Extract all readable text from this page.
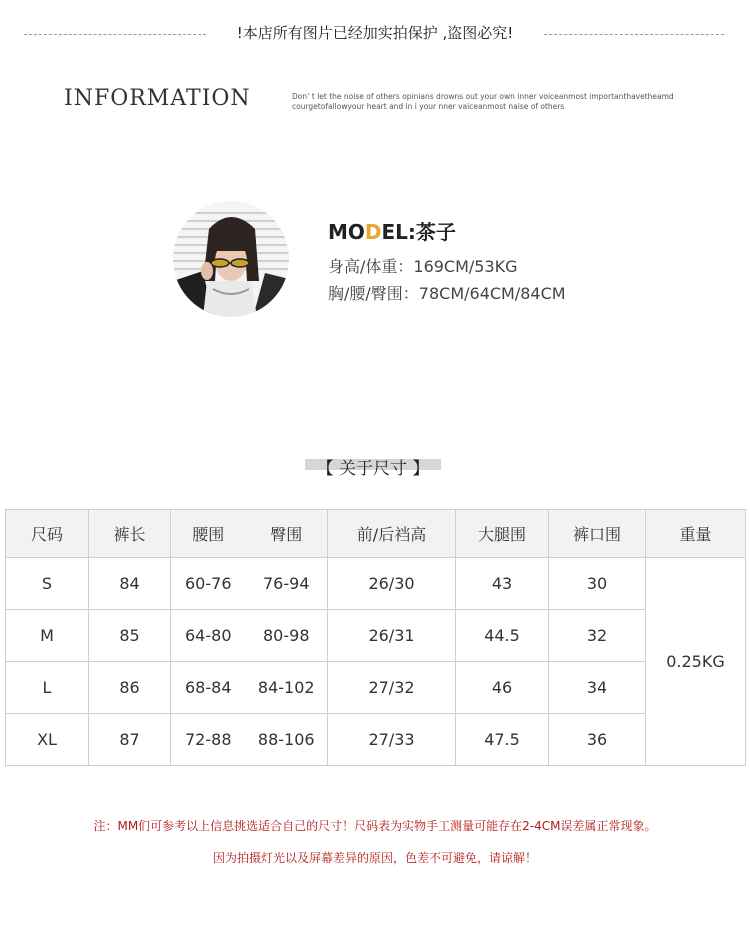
!本店所有图片已经加实拍保护 ,盗图必究!
INFORMATION	Don’ t let the noise of others opinians drowns out your own inner voiceanmost importanthavetheamd
courgetofallowyour heart and in i your nner vaiceanmost naise of others
MODEL:茶子
身高/体重：169CM/53KG
胸/腰/臀围：78CM/64CM/84CM
【 关于尺寸 】
尺码	裤长	腰围	臀围	前/后裆高	大腿围	裤口围	重量
S	84	60-76	76-94	26/30	43	30	0.25KG
M	85	64-80	80-98	26/31	44.5	32	
L	86	68-84	84-102	27/32	46	34	
XL	87	72-88	88-106	27/33	47.5	36	
注：MM们可参考以上信息挑选适合自己的尺寸！尺码表为实物手工测量可能存在2-4CM误差属正常现象。
因为拍摄灯光以及屏幕差异的原因，色差不可避免，请谅解！
